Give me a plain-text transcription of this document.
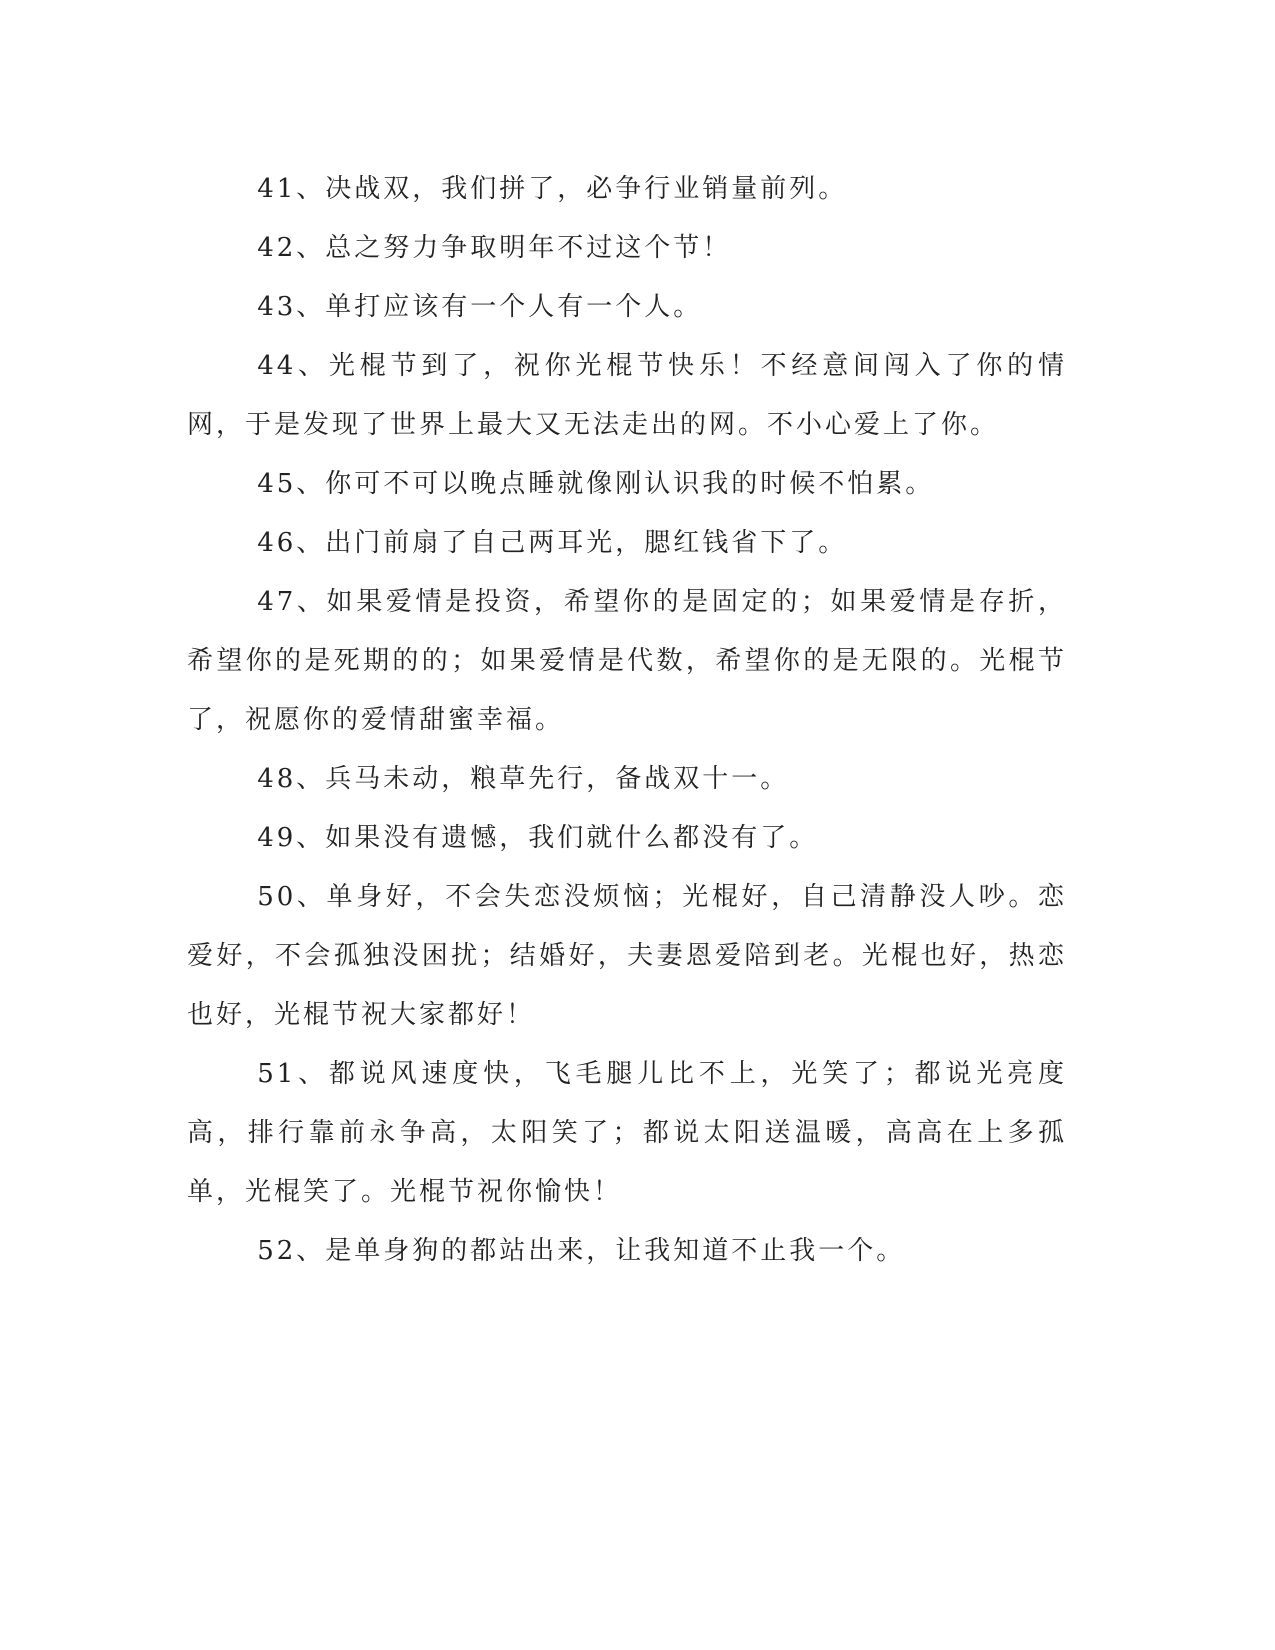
41、决战双，我们拼了，必争行业销量前列。

42、总之努力争取明年不过这个节！

43、单打应该有一个人有一个人。

44、光棍节到了，祝你光棍节快乐！不经意间闯入了你的情网，于是发现了世界上最大又无法走出的网。不小心爱上了你。

45、你可不可以晚点睡就像刚认识我的时候不怕累。

46、出门前扇了自己两耳光，腮红钱省下了。

47、如果爱情是投资，希望你的是固定的；如果爱情是存折，希望你的是死期的的；如果爱情是代数，希望你的是无限的。光棍节了，祝愿你的爱情甜蜜幸福。

48、兵马未动，粮草先行，备战双十一。

49、如果没有遗憾，我们就什么都没有了。

50、单身好，不会失恋没烦恼；光棍好，自己清静没人吵。恋爱好，不会孤独没困扰；结婚好，夫妻恩爱陪到老。光棍也好，热恋也好，光棍节祝大家都好！

51、都说风速度快，飞毛腿儿比不上，光笑了；都说光亮度高，排行靠前永争高，太阳笑了；都说太阳送温暖，高高在上多孤单，光棍笑了。光棍节祝你愉快！

52、是单身狗的都站出来，让我知道不止我一个。
